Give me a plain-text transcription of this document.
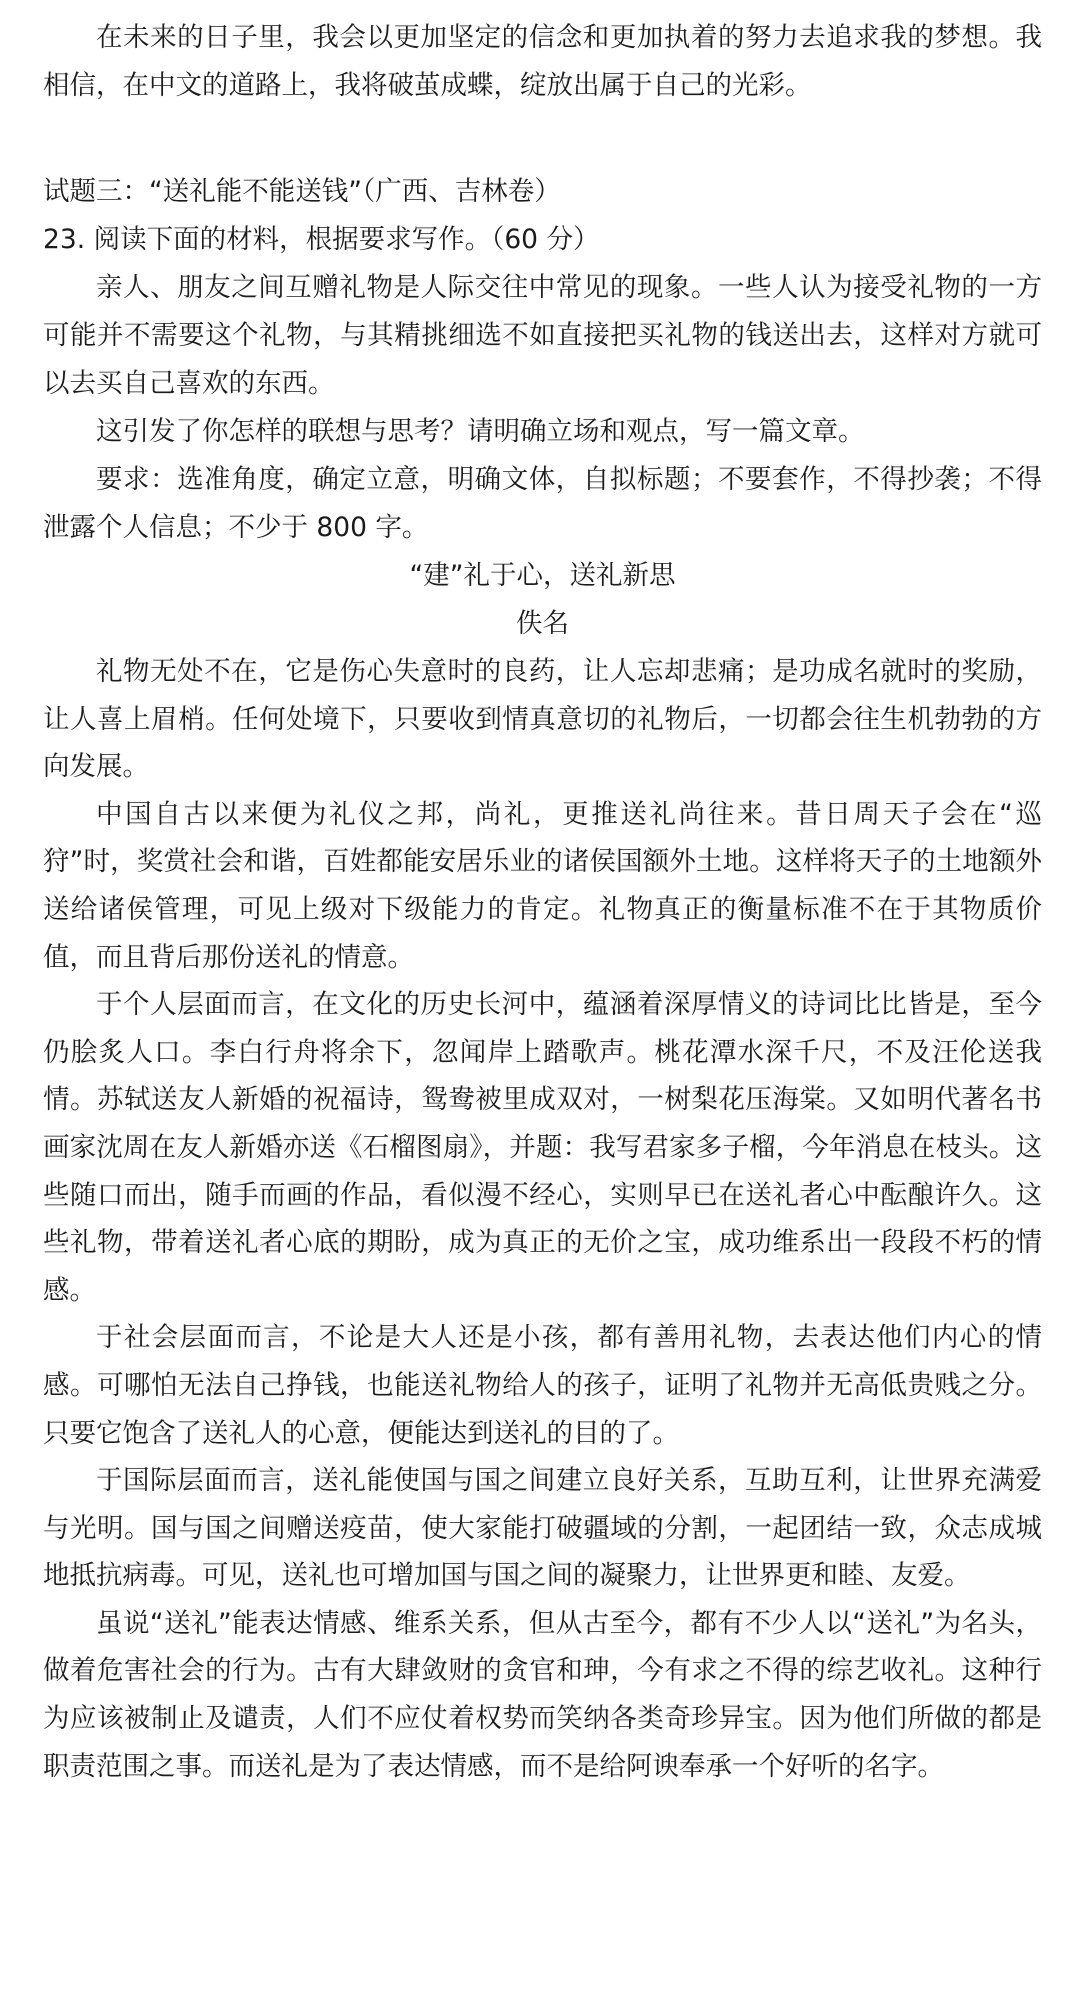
在未来的日子里，我会以更加坚定的信念和更加执着的努力去追求我的梦想。我相信，在中文的道路上，我将破茧成蝶，绽放出属于自己的光彩。

试题三：“送礼能不能送钱”（广西、吉林卷）

23. 阅读下面的材料，根据要求写作。（60 分）

亲人、朋友之间互赠礼物是人际交往中常见的现象。一些人认为接受礼物的一方可能并不需要这个礼物，与其精挑细选不如直接把买礼物的钱送出去，这样对方就可以去买自己喜欢的东西。

这引发了你怎样的联想与思考？请明确立场和观点，写一篇文章。

要求：选准角度，确定立意，明确文体，自拟标题；不要套作，不得抄袭；不得泄露个人信息；不少于 800 字。

“建”礼于心，送礼新思

佚名

礼物无处不在，它是伤心失意时的良药，让人忘却悲痛；是功成名就时的奖励，让人喜上眉梢。任何处境下，只要收到情真意切的礼物后，一切都会往生机勃勃的方向发展。

中国自古以来便为礼仪之邦，尚礼，更推送礼尚往来。昔日周天子会在“巡狩”时，奖赏社会和谐，百姓都能安居乐业的诸侯国额外土地。这样将天子的土地额外送给诸侯管理，可见上级对下级能力的肯定。礼物真正的衡量标准不在于其物质价值，而且背后那份送礼的情意。

于个人层面而言，在文化的历史长河中，蕴涵着深厚情义的诗词比比皆是，至今仍脍炙人口。李白行舟将余下，忽闻岸上踏歌声。桃花潭水深千尺，不及汪伦送我情。苏轼送友人新婚的祝福诗，鸳鸯被里成双对，一树梨花压海棠。又如明代著名书画家沈周在友人新婚亦送《石榴图扇》，并题：我写君家多子榴，今年消息在枝头。这些随口而出，随手而画的作品，看似漫不经心，实则早已在送礼者心中酝酿许久。这些礼物，带着送礼者心底的期盼，成为真正的无价之宝，成功维系出一段段不朽的情感。

于社会层面而言，不论是大人还是小孩，都有善用礼物，去表达他们内心的情感。可哪怕无法自己挣钱，也能送礼物给人的孩子，证明了礼物并无高低贵贱之分。只要它饱含了送礼人的心意，便能达到送礼的目的了。

于国际层面而言，送礼能使国与国之间建立良好关系，互助互利，让世界充满爱与光明。国与国之间赠送疫苗，使大家能打破疆域的分割，一起团结一致，众志成城地抵抗病毒。可见，送礼也可增加国与国之间的凝聚力，让世界更和睦、友爱。

虽说“送礼”能表达情感、维系关系，但从古至今，都有不少人以“送礼”为名头，做着危害社会的行为。古有大肆敛财的贪官和珅，今有求之不得的综艺收礼。这种行为应该被制止及谴责，人们不应仗着权势而笑纳各类奇珍异宝。因为他们所做的都是职责范围之事。而送礼是为了表达情感，而不是给阿谀奉承一个好听的名字。
